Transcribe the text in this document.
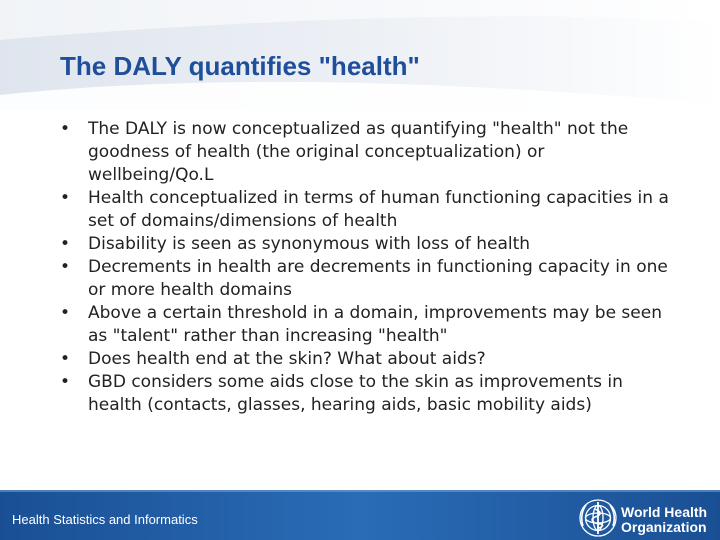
The DALY quantifies "health"
•	The DALY is now conceptualized as quantifying "health" not the goodness of health (the original conceptualization) or wellbeing/Qo.L
•	Health conceptualized in terms of human functioning capacities in a set of domains/dimensions of health
•	Disability is seen as synonymous with loss of health
•	Decrements in health are decrements in functioning capacity in one or more health domains
•	Above a certain threshold in a domain, improvements may be seen as "talent" rather than increasing "health"
•	Does health end at the skin? What about aids?
•	GBD considers some aids close to the skin as improvements in health (contacts, glasses, hearing aids, basic mobility aids)
Health Statistics and Informatics	World Health
Organization
